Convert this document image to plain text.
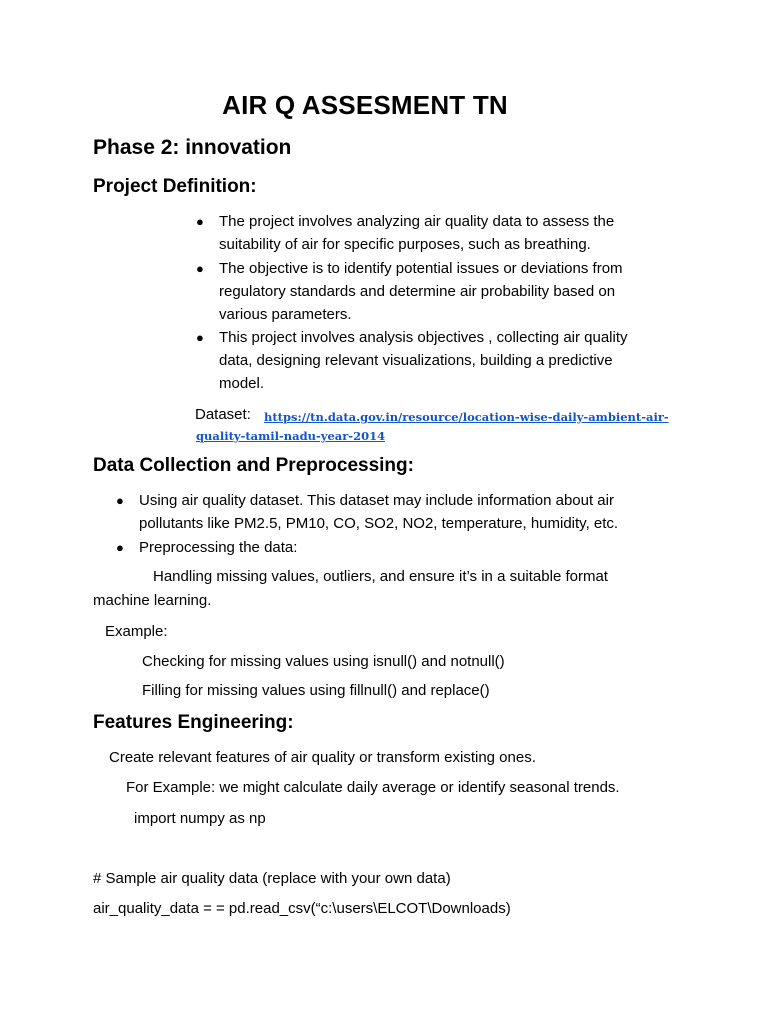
AIR Q ASSESMENT TN
Phase 2: innovation
Project Definition:
● The project involves analyzing air quality data to assess the
suitability of air for specific purposes, such as breathing.
● The objective is to identify potential issues or deviations from
regulatory standards and determine air probability based on
various parameters.
● This project involves analysis objectives , collecting air quality
data, designing relevant visualizations, building a predictive
model.
Dataset: https://tn.data.gov.in/resource/location-wise-daily-ambient-air-
quality-tamil-nadu-year-2014
Data Collection and Preprocessing:
● Using air quality dataset. This dataset may include information about air
pollutants like PM2.5, PM10, CO, SO2, NO2, temperature, humidity, etc.
● Preprocessing the data:
Handling missing values, outliers, and ensure it’s in a suitable format
machine learning.
Example:
Checking for missing values using isnull() and notnull()
Filling for missing values using fillnull() and replace()
Features Engineering:
Create relevant features of air quality or transform existing ones.
For Example: we might calculate daily average or identify seasonal trends.
import numpy as np
# Sample air quality data (replace with your own data)
air_quality_data = = pd.read_csv(“c:\users\ELCOT\Downloads)
